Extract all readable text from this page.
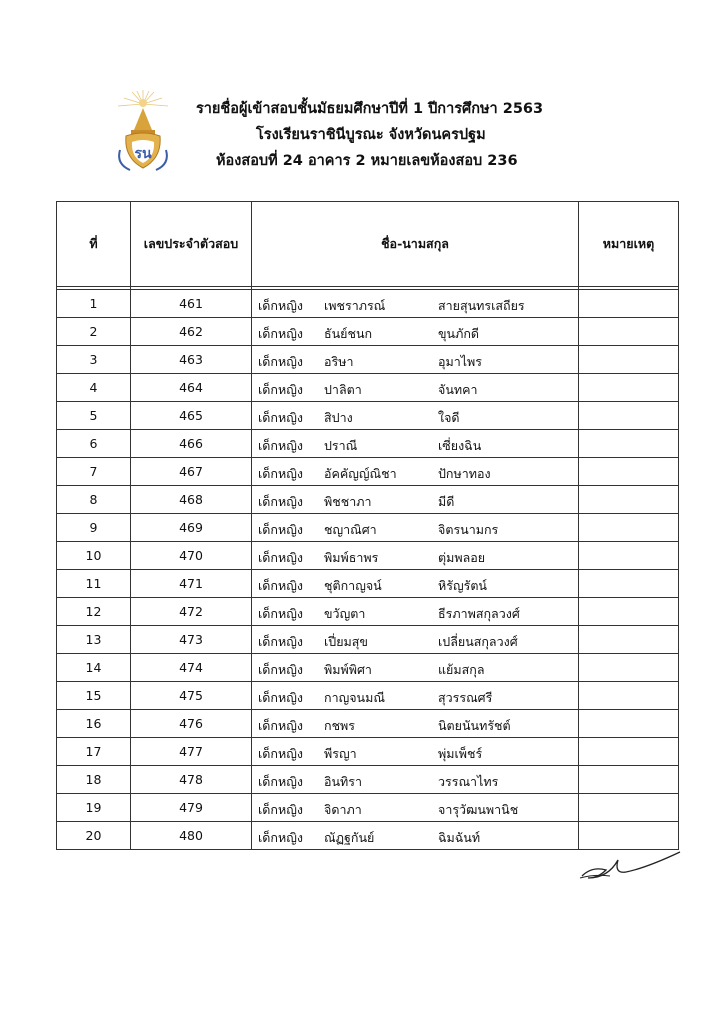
รน
รายชื่อผู้เข้าสอบชั้นมัธยมศึกษาปีที่ 1 ปีการศึกษา 2563
โรงเรียนราชินีบูรณะ จังหวัดนครปฐม
ห้องสอบที่ 24 อาคาร 2 หมายเลขห้องสอบ 236
ที่	เลขประจำตัวสอบ	ชื่อ-นามสกุล	หมายเหตุ

1	461	เด็กหญิง เพชราภรณ์ สายสุนทรเสถียร	

2	462	เด็กหญิง ธันย์ชนก ขุนภักดี	

3	463	เด็กหญิง อริษา อุมาไพร	

4	464	เด็กหญิง ปาลิตา จันทคา	

5	465	เด็กหญิง สิปาง ใจดี	

6	466	เด็กหญิง ปราณี เซี่ยงฉิน	

7	467	เด็กหญิง อัคคัญญ์ณิชา ปักษาทอง	

8	468	เด็กหญิง พิชชาภา มีดี	

9	469	เด็กหญิง ชญาณิศา จิตรนามกร	

10	470	เด็กหญิง พิมพ์ธาพร ตุ่มพลอย	

11	471	เด็กหญิง ชุติกาญจน์ หิรัญรัตน์	

12	472	เด็กหญิง ขวัญตา ธีรภาพสกุลวงศ์	

13	473	เด็กหญิง เปี่ยมสุข เปลี่ยนสกุลวงศ์	

14	474	เด็กหญิง พิมพ์พิศา แย้มสกุล	

15	475	เด็กหญิง กาญจนมณี สุวรรณศรี	

16	476	เด็กหญิง กชพร นิตยนันทรัชต์	

17	477	เด็กหญิง พีรญา พุ่มเพ็ชร์	

18	478	เด็กหญิง อินทิรา วรรณาไทร	

19	479	เด็กหญิง จิดาภา จารุวัฒนพานิช	

20	480	เด็กหญิง ณัฏฐกันย์ ฉิมฉันท์	
